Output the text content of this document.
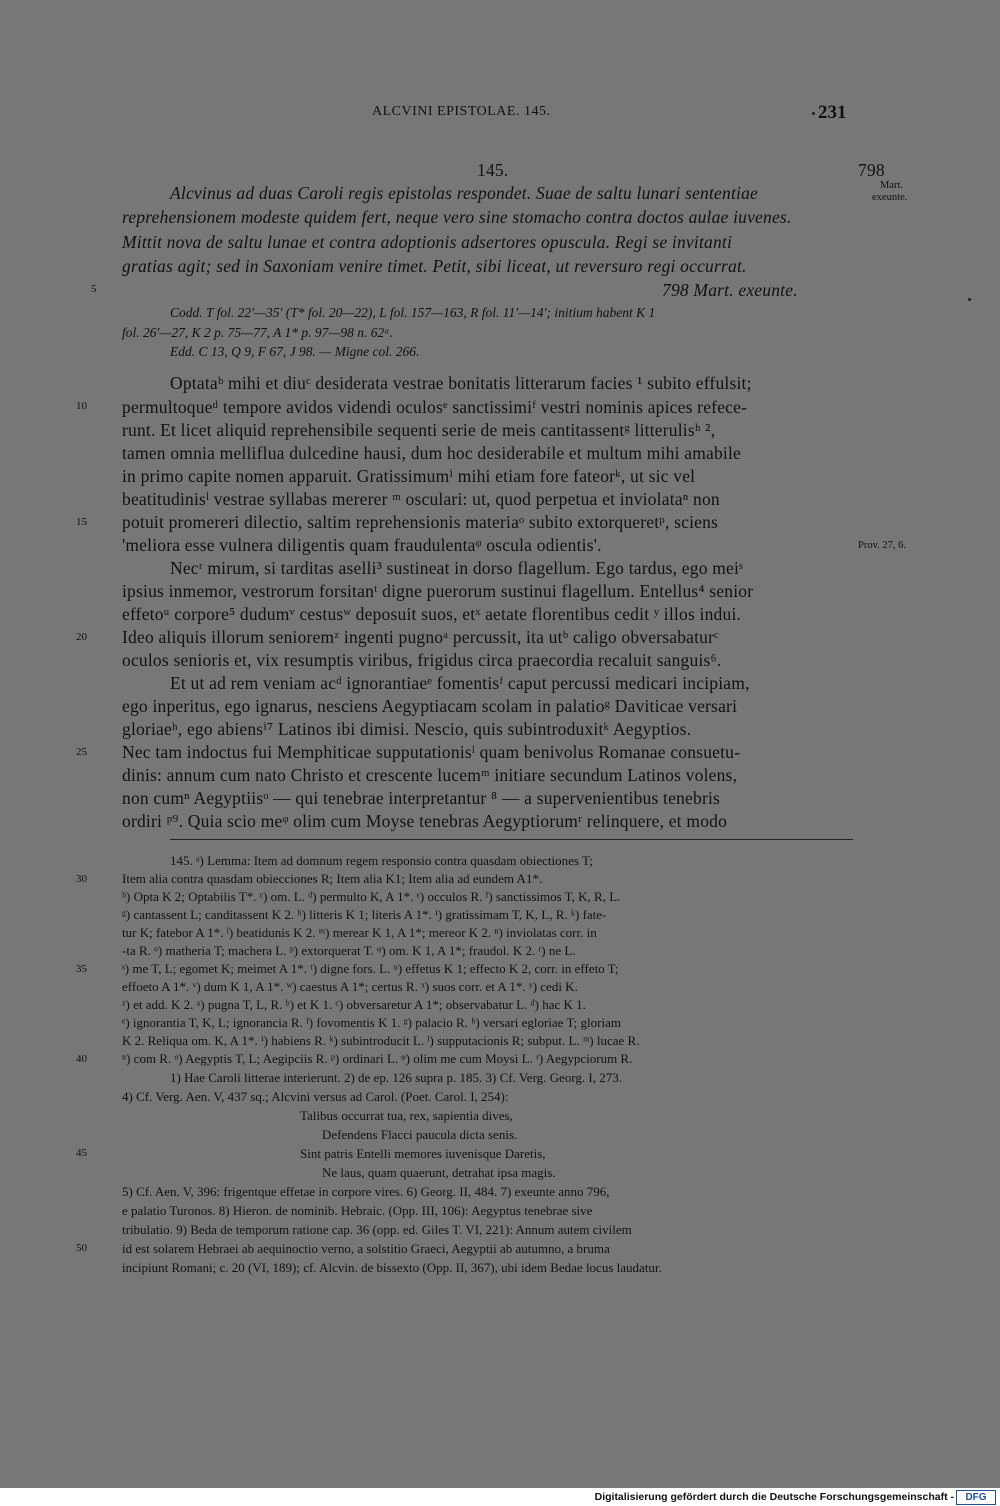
ALCVINI EPISTOLAE. 145.	231
145.	798
Mart.
exeunte.
Alcvinus ad duas Caroli regis epistolas respondet. Suae de saltu lunari sententiae
reprehensionem modeste quidem fert, neque vero sine stomacho contra doctos aulae iuvenes.
Mittit nova de saltu lunae et contra adoptionis adsertores opuscula. Regi se invitanti
gratias agit; sed in Saxoniam venire timet. Petit, sibi liceat, ut reversuro regi occurrat.
5	798 Mart. exeunte.
Codd. T fol. 22'—35' (T* fol. 20—22), L fol. 157—163, R fol. 11'—14'; initium habent K 1
fol. 26'—27, K 2 p. 75—77, A 1* p. 97—98 n. 62ᵃ.
Edd. C 13, Q 9, F 67, J 98. — Migne col. 266.
Optataᵇ mihi et diuᶜ desiderata vestrae bonitatis litterarum facies ¹ subito effulsit;
10 permultoqueᵈ tempore avidos videndi oculosᵉ sanctissimiᶠ vestri nominis apices refece-
runt. Et licet aliquid reprehensibile sequenti serie de meis cantitassentᵍ litterulisʰ ²,
tamen omnia melliflua dulcedine hausi, dum hoc desiderabile et multum mihi amabile
in primo capite nomen apparuit. Gratissimumⁱ mihi etiam fore fateorᵏ, ut sic vel
beatitudinisˡ vestrae syllabas mererer ᵐ osculari: ut, quod perpetua et inviolataⁿ non
15 potuit promereri dilectio, saltim reprehensionis materiaᵒ subito extorqueretᵖ, sciens
'meliora esse vulnera diligentis quam fraudulentaᵠ oscula odientis'.	Prov. 27, 6.
Necʳ mirum, si tarditas aselli³ sustineat in dorso flagellum. Ego tardus, ego meiˢ
ipsius inmemor, vestrorum forsitanᵗ digne puerorum sustinui flagellum. Entellus⁴ senior
effetoᵘ corpore⁵ dudumᵛ cestusʷ deposuit suos, etˣ aetate florentibus cedit ʸ illos indui.
20 Ideo aliquis illorum senioremᶻ ingenti pugnoᵃ percussit, ita utᵇ caligo obversabaturᶜ
oculos senioris et, vix resumptis viribus, frigidus circa praecordia recaluit sanguis⁶.
Et ut ad rem veniam acᵈ ignorantiaeᵉ fomentisᶠ caput percussi medicari incipiam,
ego inperitus, ego ignarus, nesciens Aegyptiacam scolam in palatioᵍ Daviticae versari
gloriaeʰ, ego abiensⁱ⁷ Latinos ibi dimisi. Nescio, quis subintroduxitᵏ Aegyptios.
25 Nec tam indoctus fui Memphiticae supputationisˡ quam benivolus Romanae consuetu-
dinis: annum cum nato Christo et crescente lucemᵐ initiare secundum Latinos volens,
non cumⁿ Aegyptiisᵒ — qui tenebrae interpretantur ⁸ — a supervenientibus tenebris
ordiri ᵖ⁹. Quia scio meᵠ olim cum Moyse tenebras Aegyptiorumʳ relinquere, et modo
145. ᵃ) Lemma: Item ad domnum regem responsio contra quasdam obiectiones T;
30	Item alia contra quasdam obiecciones R; Item alia K1; Item alia ad eundem A1*.
ᵇ) Opta K 2; Optabilis T*. ᶜ) om. L. ᵈ) permulto K, A 1*. ᵉ) occulos R. ᶠ) sanctissimos T, K, R, L.
ᵍ) cantassent L; canditassent K 2. ʰ) litteris K 1; literis A 1*. ⁱ) gratissimam T, K, L, R. ᵏ) fate-
tur K; fatebor A 1*. ˡ) beatidunis K 2. ᵐ) merear K 1, A 1*; mereor K 2. ⁿ) inviolatas corr. in
-ta R. ᵒ) matheria T; machera L. ᵖ) extorquerat T. ᵠ) om. K 1, A 1*; fraudol. K 2. ʳ) ne L.
35	ˢ) me T, L; egomet K; meimet A 1*. ᵗ) digne fors. L. ᵘ) effetus K 1; effecto K 2, corr. in effeto T;
effoeto A 1*. ᵛ) dum K 1, A 1*. ʷ) caestus A 1*; certus R. ˣ) suos corr. et A 1*. ʸ) cedi K.
ᶻ) et add. K 2. ᵃ) pugna T, L, R. ᵇ) et K 1. ᶜ) obversaretur A 1*; observabatur L. ᵈ) hac K 1.
ᵉ) ignorantia T, K, L; ignorancia R. ᶠ) fovomentis K 1. ᵍ) palacio R. ʰ) versari egloriae T; gloriam
K 2. Reliqua om. K, A 1*. ⁱ) habiens R. ᵏ) subintroducit L. ˡ) supputacionis R; subput. L. ᵐ) lucae R.
40	ⁿ) com R. ᵒ) Aegyptis T, L; Aegipciis R. ᵖ) ordinari L. ᵠ) olim me cum Moysi L. ʳ) Aegypciorum R.
1) Hae Caroli litterae interierunt. 2) de ep. 126 supra p. 185. 3) Cf. Verg. Georg. I, 273.
4) Cf. Verg. Aen. V, 437 sq.; Alcvini versus ad Carol. (Poet. Carol. I, 254):
Talibus occurrat tua, rex, sapientia dives,
Defendens Flacci paucula dicta senis.
45	Sint patris Entelli memores iuvenisque Daretis,
Ne laus, quam quaerunt, detrahat ipsa magis.
5) Cf. Aen. V, 396: frigentque effetae in corpore vires. 6) Georg. II, 484. 7) exeunte anno 796,
e palatio Turonos. 8) Hieron. de nominib. Hebraic. (Opp. III, 106): Aegyptus tenebrae sive
tribulatio. 9) Beda de temporum ratione cap. 36 (opp. ed. Giles T. VI, 221): Annum autem civilem
50	id est solarem Hebraei ab aequinoctio verno, a solstitio Graeci, Aegyptii ab autumno, a bruma
incipiunt Romani; c. 20 (VI, 189); cf. Alcvin. de bissexto (Opp. II, 367), ubi idem Bedae locus laudatur.
Digitalisierung gefördert durch die Deutsche Forschungsgemeinschaft -	DFG
